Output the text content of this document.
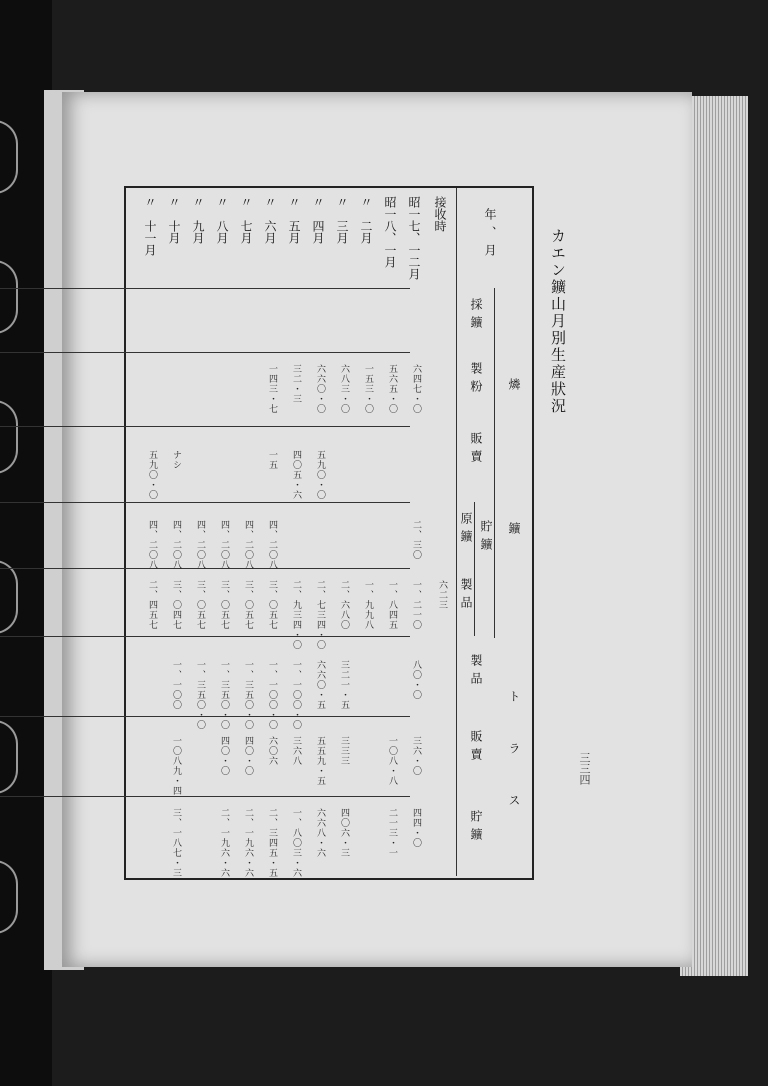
カエン鑛山月別生産狀況
三三四
年、月
燐　鑛
採鑛
製粉
販賣
貯鑛
原鑛
製品
トラス
製品
販賣
貯鑛
接收時
昭一七、一二月
昭一八、一月
〃　二月
〃　三月
〃　四月
〃　五月
〃　六月
〃　七月
〃　八月
〃　九月
〃　十月
〃　十一月
六四七・〇
五六五・〇
一五三・〇
六八三・〇
六六〇・〇
三二・三
一四三・七
五九〇・〇
四〇五・六
一五
ナシ
五九〇・〇
二、三〇
四、二〇八
四、二〇八
四、二〇八
四、二〇八
四、二〇八
四、二〇八
六二三
一、二一〇
一、八四五
一、九九八
二、六八〇
二、七三四・〇
二、九三四・〇
三、〇五七
三、〇五七
三、〇五七
三、〇五七
三、〇四七
二、四五七
八〇・〇
三二一・五
六六〇・五
一、一〇〇・〇
一、一〇〇・〇
一、三五〇・〇
一、三五〇・〇
一、三五〇・〇
一、一〇〇
三六・〇
一〇八・八
三三三
五五九・五
三六八
六〇六
四〇・〇
四〇・〇
一〇八九・四
四四・〇
二一三・一
四〇六・三
六六八・六
一、八〇三・六
二、三四五・五
二、一九六・六
二、一九六・六
三、一八七・三
